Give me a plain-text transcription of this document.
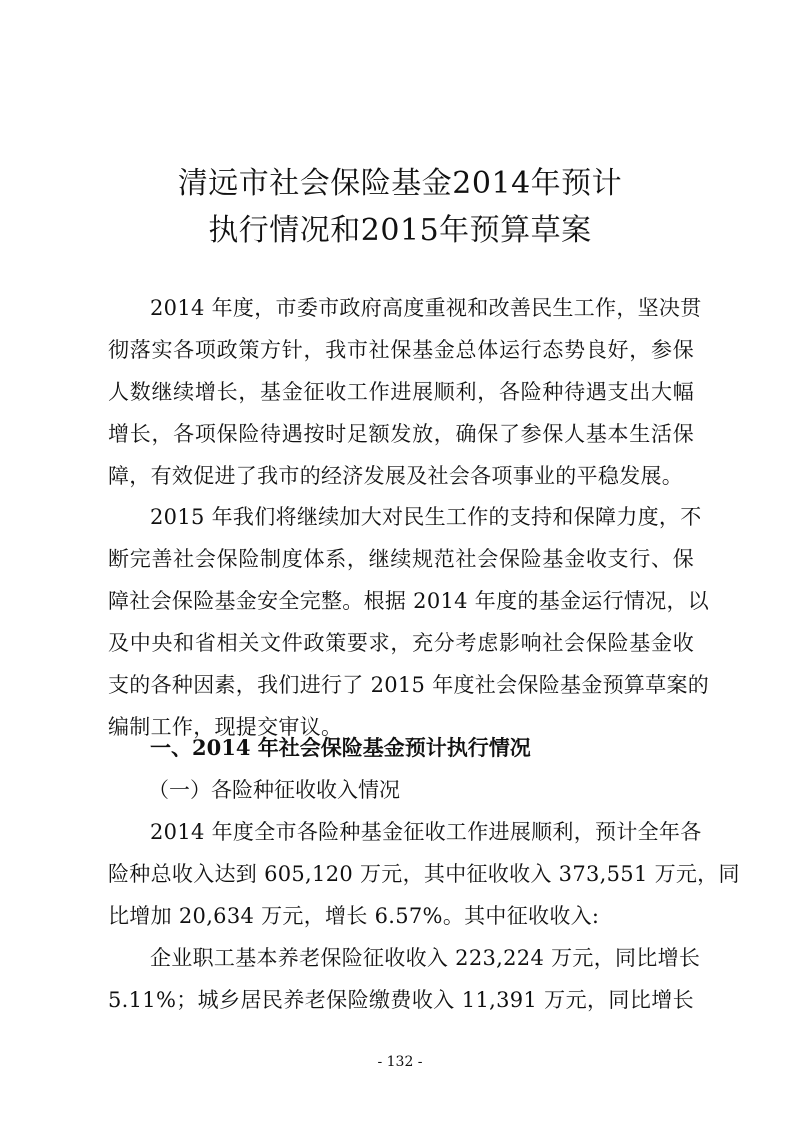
清远市社会保险基金2014年预计
执行情况和2015年预算草案
2014 年度，市委市政府高度重视和改善民生工作，坚决贯
彻落实各项政策方针，我市社保基金总体运行态势良好，参保
人数继续增长，基金征收工作进展顺利，各险种待遇支出大幅
增长，各项保险待遇按时足额发放，确保了参保人基本生活保
障，有效促进了我市的经济发展及社会各项事业的平稳发展。
2015 年我们将继续加大对民生工作的支持和保障力度，不
断完善社会保险制度体系，继续规范社会保险基金收支行、保
障社会保险基金安全完整。根据 2014 年度的基金运行情况，以
及中央和省相关文件政策要求，充分考虑影响社会保险基金收
支的各种因素，我们进行了 2015 年度社会保险基金预算草案的
编制工作，现提交审议。
一、2014 年社会保险基金预计执行情况
（一）各险种征收收入情况
2014 年度全市各险种基金征收工作进展顺利，预计全年各
险种总收入达到 605,120 万元，其中征收收入 373,551 万元，同
比增加 20,634 万元，增长 6.57%。其中征收收入:
企业职工基本养老保险征收收入 223,224 万元，同比增长
5.11%；城乡居民养老保险缴费收入 11,391 万元，同比增长
- 132 -
